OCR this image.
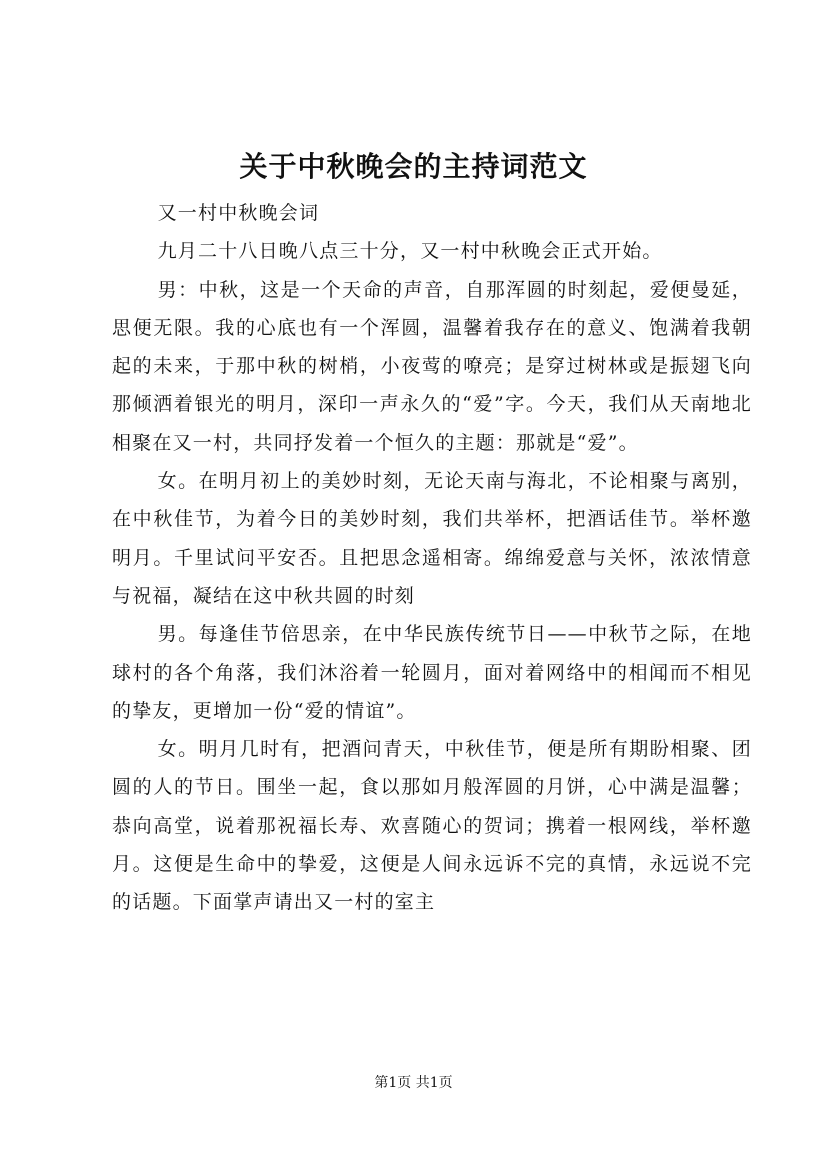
关于中秋晚会的主持词范文

又一村中秋晚会词

九月二十八日晚八点三十分，又一村中秋晚会正式开始。

男：中秋，这是一个天命的声音，自那浑圆的时刻起，爱便曼延，思便无限。我的心底也有一个浑圆，温馨着我存在的意义、饱满着我朝起的未来，于那中秋的树梢，小夜莺的嘹亮；是穿过树林或是振翅飞向那倾洒着银光的明月，深印一声永久的“爱”字。今天，我们从天南地北相聚在又一村，共同抒发着一个恒久的主题：那就是“爱”。

女。在明月初上的美妙时刻，无论天南与海北，不论相聚与离别，在中秋佳节，为着今日的美妙时刻，我们共举杯，把酒话佳节。举杯邀明月。千里试问平安否。且把思念遥相寄。绵绵爱意与关怀，浓浓情意与祝福，凝结在这中秋共圆的时刻

男。每逢佳节倍思亲，在中华民族传统节日——中秋节之际，在地球村的各个角落，我们沐浴着一轮圆月，面对着网络中的相闻而不相见的挚友，更增加一份“爱的情谊”。

女。明月几时有，把酒问青天，中秋佳节，便是所有期盼相聚、团圆的人的节日。围坐一起，食以那如月般浑圆的月饼，心中满是温馨；恭向高堂，说着那祝福长寿、欢喜随心的贺词；携着一根网线，举杯邀月。这便是生命中的挚爱，这便是人间永远诉不完的真情，永远说不完的话题。下面掌声请出又一村的室主

第1页 共1页
